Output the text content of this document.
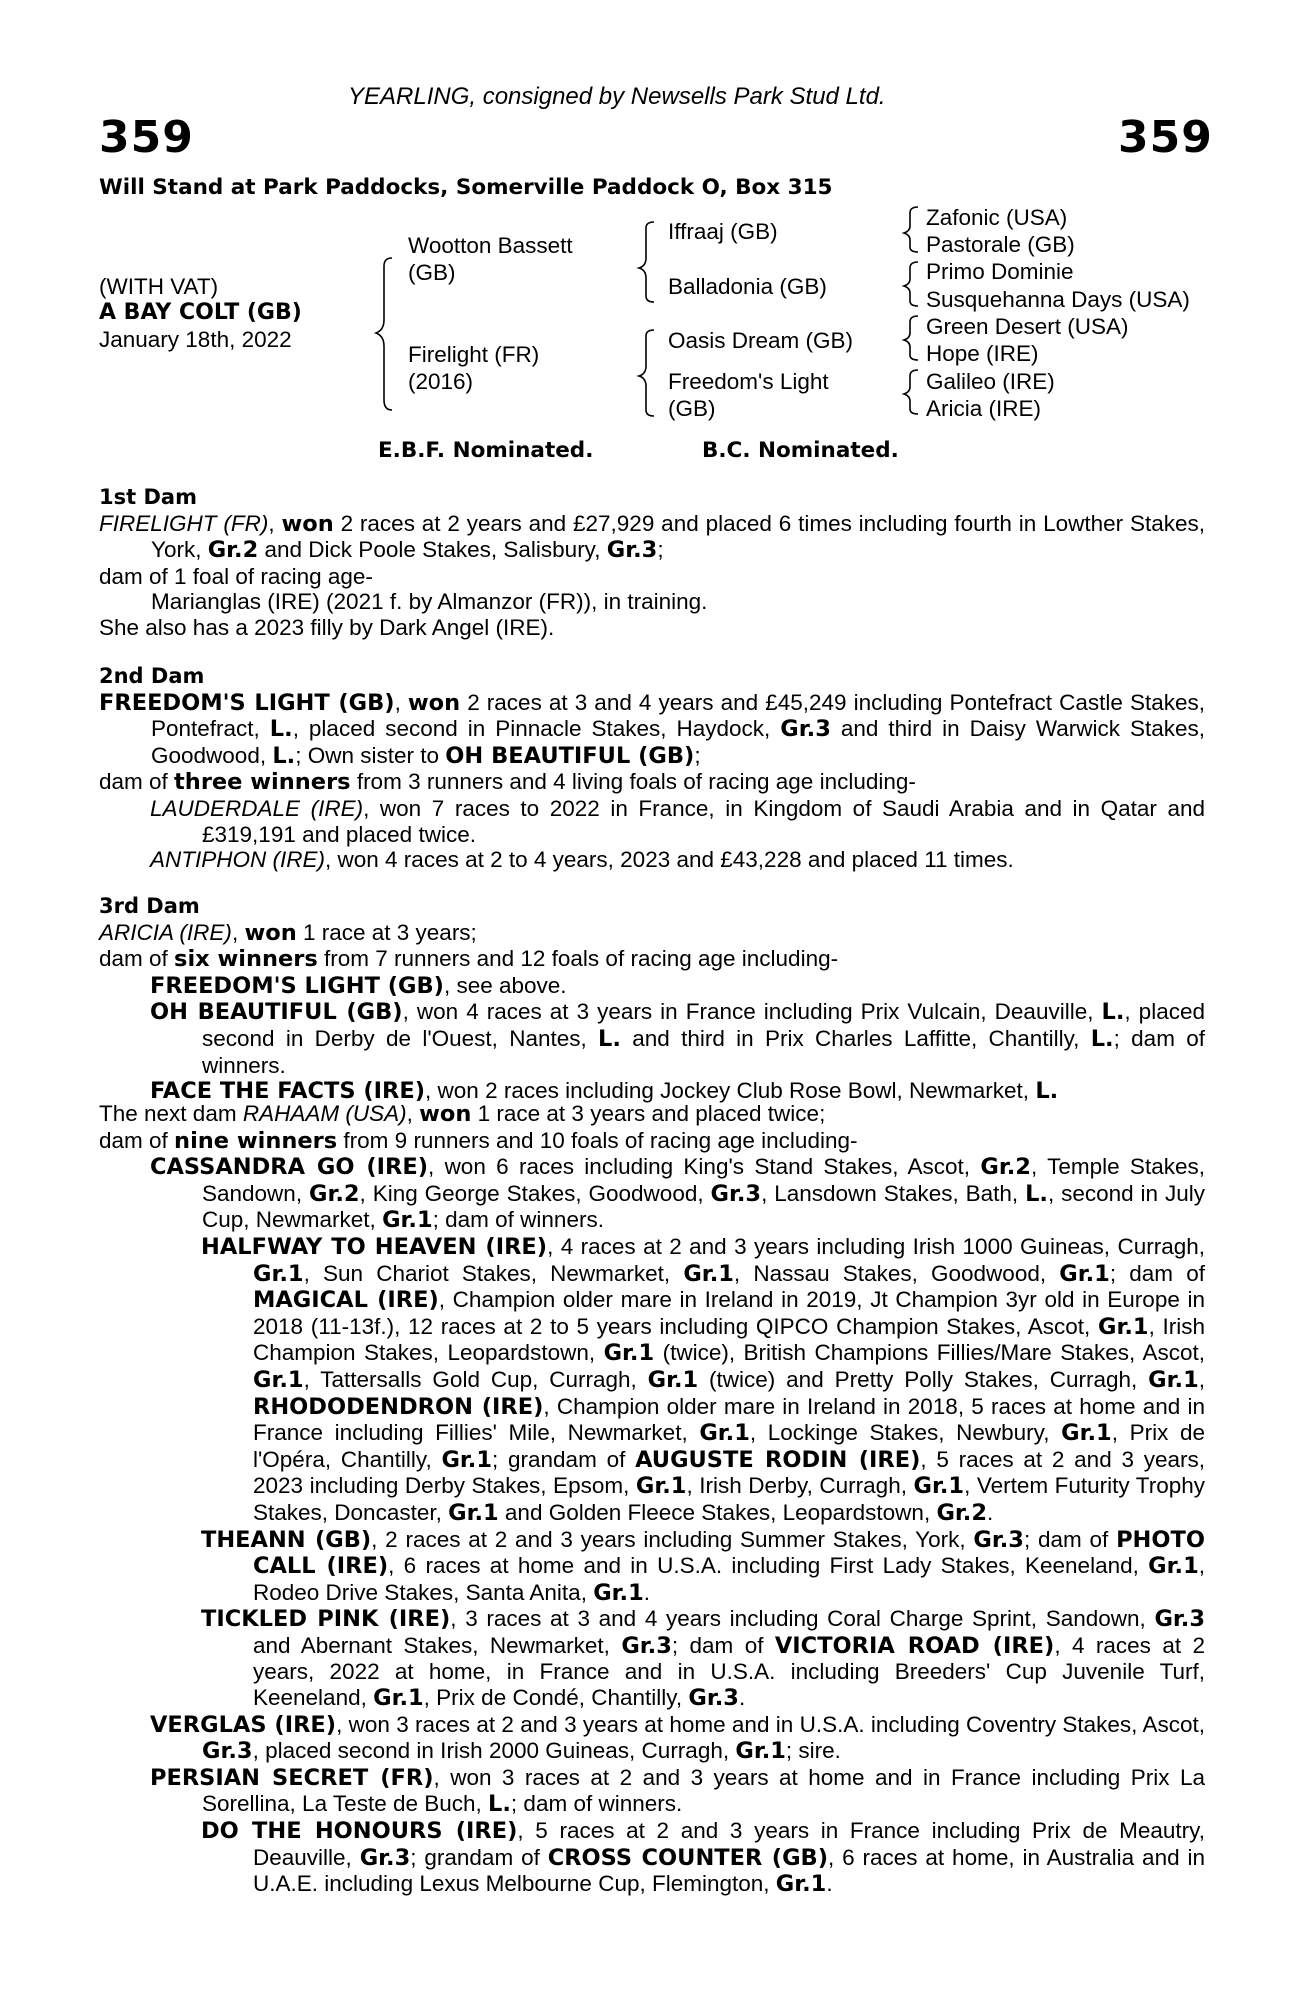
YEARLING, consigned by Newsells Park Stud Ltd.
359	359
Will Stand at Park Paddocks, Somerville Paddock O, Box 315
(WITH VAT)
A BAY COLT (GB)
January 18th, 2022
Wootton Bassett
(GB)
Firelight (FR)
(2016)
Iffraaj (GB)
Balladonia (GB)
Oasis Dream (GB)
Freedom's Light
(GB)
Zafonic (USA)
Pastorale (GB)
Primo Dominie
Susquehanna Days (USA)
Green Desert (USA)
Hope (IRE)
Galileo (IRE)
Aricia (IRE)
E.B.F. Nominated.	B.C. Nominated.

1st Dam

FIRELIGHT (FR), won 2 races at 2 years and £27,929 and placed 6 times including fourth in Lowther Stakes, York, Gr.2 and Dick Poole Stakes, Salisbury, Gr.3;

dam of 1 foal of racing age-

Marianglas (IRE) (2021 f. by Almanzor (FR)), in training.

She also has a 2023 filly by Dark Angel (IRE).

2nd Dam

FREEDOM'S LIGHT (GB), won 2 races at 3 and 4 years and £45,249 including Pontefract Castle Stakes, Pontefract, L., placed second in Pinnacle Stakes, Haydock, Gr.3 and third in Daisy Warwick Stakes, Goodwood, L.; Own sister to OH BEAUTIFUL (GB);

dam of three winners from 3 runners and 4 living foals of racing age including-

LAUDERDALE (IRE), won 7 races to 2022 in France, in Kingdom of Saudi Arabia and in Qatar and £319,191 and placed twice.

ANTIPHON (IRE), won 4 races at 2 to 4 years, 2023 and £43,228 and placed 11 times.

3rd Dam

ARICIA (IRE), won 1 race at 3 years;

dam of six winners from 7 runners and 12 foals of racing age including-

FREEDOM'S LIGHT (GB), see above.

OH BEAUTIFUL (GB), won 4 races at 3 years in France including Prix Vulcain, Deauville, L., placed second in Derby de l'Ouest, Nantes, L. and third in Prix Charles Laffitte, Chantilly, L.; dam of winners.

FACE THE FACTS (IRE), won 2 races including Jockey Club Rose Bowl, Newmarket, L.

The next dam RAHAAM (USA), won 1 race at 3 years and placed twice;

dam of nine winners from 9 runners and 10 foals of racing age including-

CASSANDRA GO (IRE), won 6 races including King's Stand Stakes, Ascot, Gr.2, Temple Stakes, Sandown, Gr.2, King George Stakes, Goodwood, Gr.3, Lansdown Stakes, Bath, L., second in July Cup, Newmarket, Gr.1; dam of winners.

HALFWAY TO HEAVEN (IRE), 4 races at 2 and 3 years including Irish 1000 Guineas, Curragh, Gr.1, Sun Chariot Stakes, Newmarket, Gr.1, Nassau Stakes, Goodwood, Gr.1; dam of MAGICAL (IRE), Champion older mare in Ireland in 2019, Jt Champion 3yr old in Europe in 2018 (11-13f.), 12 races at 2 to 5 years including QIPCO Champion Stakes, Ascot, Gr.1, Irish Champion Stakes, Leopardstown, Gr.1 (twice), British Champions Fillies/Mare Stakes, Ascot, Gr.1, Tattersalls Gold Cup, Curragh, Gr.1 (twice) and Pretty Polly Stakes, Curragh, Gr.1, RHODODENDRON (IRE), Champion older mare in Ireland in 2018, 5 races at home and in France including Fillies' Mile, Newmarket, Gr.1, Lockinge Stakes, Newbury, Gr.1, Prix de l'Opéra, Chantilly, Gr.1; grandam of AUGUSTE RODIN (IRE), 5 races at 2 and 3 years, 2023 including Derby Stakes, Epsom, Gr.1, Irish Derby, Curragh, Gr.1, Vertem Futurity Trophy Stakes, Doncaster, Gr.1 and Golden Fleece Stakes, Leopardstown, Gr.2.

THEANN (GB), 2 races at 2 and 3 years including Summer Stakes, York, Gr.3; dam of PHOTO CALL (IRE), 6 races at home and in U.S.A. including First Lady Stakes, Keeneland, Gr.1, Rodeo Drive Stakes, Santa Anita, Gr.1.

TICKLED PINK (IRE), 3 races at 3 and 4 years including Coral Charge Sprint, Sandown, Gr.3 and Abernant Stakes, Newmarket, Gr.3; dam of VICTORIA ROAD (IRE), 4 races at 2 years, 2022 at home, in France and in U.S.A. including Breeders' Cup Juvenile Turf, Keeneland, Gr.1, Prix de Condé, Chantilly, Gr.3.

VERGLAS (IRE), won 3 races at 2 and 3 years at home and in U.S.A. including Coventry Stakes, Ascot, Gr.3, placed second in Irish 2000 Guineas, Curragh, Gr.1; sire.

PERSIAN SECRET (FR), won 3 races at 2 and 3 years at home and in France including Prix La Sorellina, La Teste de Buch, L.; dam of winners.

DO THE HONOURS (IRE), 5 races at 2 and 3 years in France including Prix de Meautry, Deauville, Gr.3; grandam of CROSS COUNTER (GB), 6 races at home, in Australia and in U.A.E. including Lexus Melbourne Cup, Flemington, Gr.1.
